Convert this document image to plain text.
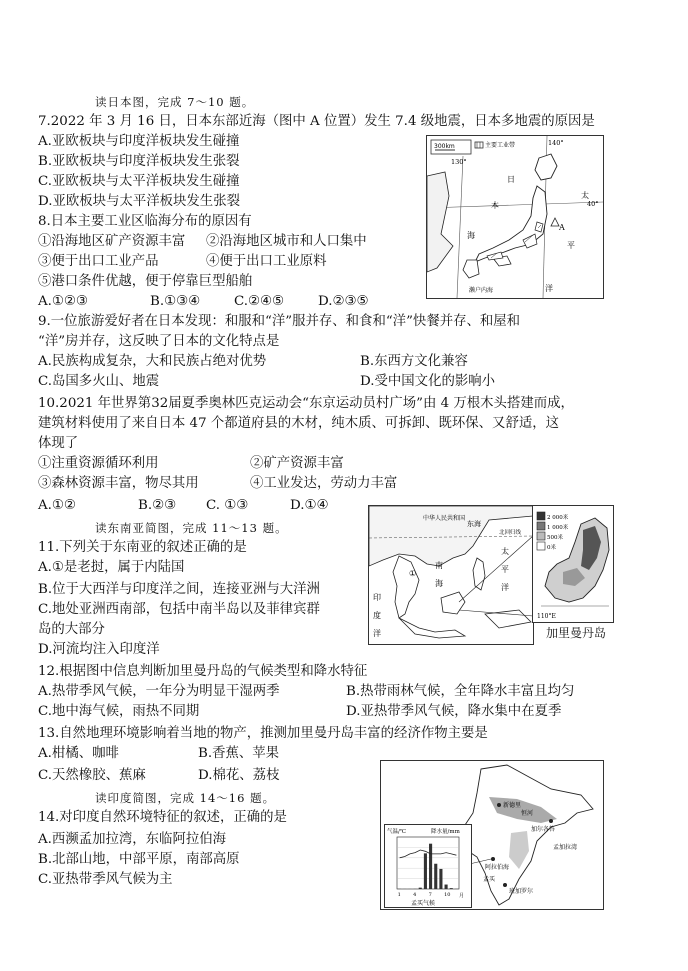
读日本图，完成 7～10 题。
7.2022 年 3 月 16 日，日本东部近海（图中 A 位置）发生 7.4 级地震，日本多地震的原因是
A.亚欧板块与印度洋板块发生碰撞
B.亚欧板块与印度洋板块发生张裂
C.亚欧板块与太平洋板块发生碰撞
D.亚欧板块与太平洋板块发生张裂
8.日本主要工业区临海分布的原因有
①沿海地区矿产资源丰富 ②沿海地区城市和人口集中
③便于出口工业产品	④便于出口工业原料
⑤港口条件优越，便于停靠巨型船舶
A.①②③	B.①③④	C.②④⑤	D.②③⑤
300km	主要工业带	140°
130°
40°
日
本
海
太
平
洋
A
濑户内海
9.一位旅游爱好者在日本发现：和服和“洋”服并存、和食和“洋”快餐并存、和屋和
“洋”房并存，这反映了日本的文化特点是
A.民族构成复杂，大和民族占绝对优势	B.东西方文化兼容
C.岛国多火山、地震	D.受中国文化的影响小
10.2021 年世界第32届夏季奥林匹克运动会“东京运动员村广场”由 4 万根木头搭建而成，
建筑材料使用了来自日本 47 个都道府县的木材，纯木质、可拆卸、既环保、又舒适，这
体现了
①注重资源循环利用	②矿产资源丰富
③森林资源丰富，物尽其用	④工业发达，劳动力丰富
A.①②	B.②③ C. ①③	D.①④
读东南亚简图，完成 11～13 题。
11.下列关于东南亚的叙述正确的是
A.①是老挝，属于内陆国
B.位于大西洋与印度洋之间，连接亚洲与大洋洲
C.地处亚洲西南部，包括中南半岛以及菲律宾群
岛的大部分
D.河流均注入印度洋
中华人民共和国
东海
北回归线
①
太
平
洋
南
海
印
度
洋
2 000米
1 000米
500米
0米
110°E
加里曼丹岛
12.根据图中信息判断加里曼丹岛的气候类型和降水特征
A.热带季风气候，一年分为明显干湿两季	B.热带雨林气候，全年降水丰富且均匀
C.地中海气候，雨热不同期	D.亚热带季风气候，降水集中在夏季
13.自然地理环境影响着当地的物产，推测加里曼丹岛丰富的经济作物主要是
A.柑橘、咖啡	B.香蕉、苹果
C.天然橡胶、蕉麻	D.棉花、荔枝
读印度简图，完成 14～16 题。
14.对印度自然环境特征的叙述，正确的是
A.西濒孟加拉湾，东临阿拉伯海
B.北部山地，中部平原，南部高原
C.亚热带季风气候为主
新德里
恒河
加尔各答
孟加拉湾
阿拉伯海
孟买
班加罗尔
气温/℃	降水量/mm
1 4 7 10 月
孟买气候
